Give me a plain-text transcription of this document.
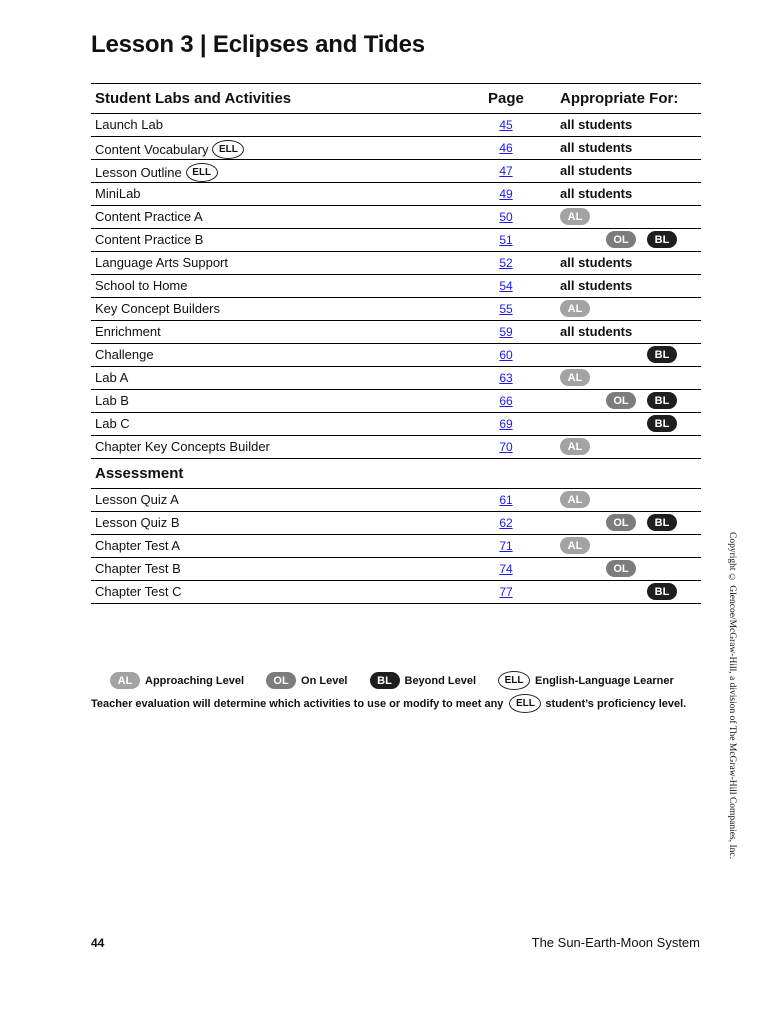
Lesson 3 | Eclipses and Tides
Student Labs and Activities	Page Appropriate For:
Launch Lab	45	all students
Content Vocabulary	ELL	46	all students
Lesson Outline	ELL	47	all students
MiniLab	49	all students
Content Practice A	50	AL
Content Practice B	51	OL	BL
Language Arts Support	52	all students
School to Home	54	all students
Key Concept Builders	55	AL
Enrichment	59	all students
Challenge	60	BL
Lab A	63	AL
Lab B	66	OL	BL
Lab C	69	BL
Chapter Key Concepts Builder	70	AL
Assessment
Lesson Quiz A	61	AL
Lesson Quiz B	62	OL	BL
Chapter Test A	71	AL
Chapter Test B	74	OL
Chapter Test C	77	BL
AL	Approaching Level	OL	On Level	BL	Beyond Level	ELL	English-Language Learner
Teacher evaluation will determine which activities to use or modify to meet any	ELL student’s proficiency level.	Copyright © Glencoe/McGraw-Hill, a division of The McGraw-Hill Companies, Inc.
44	The Sun-Earth-Moon System
